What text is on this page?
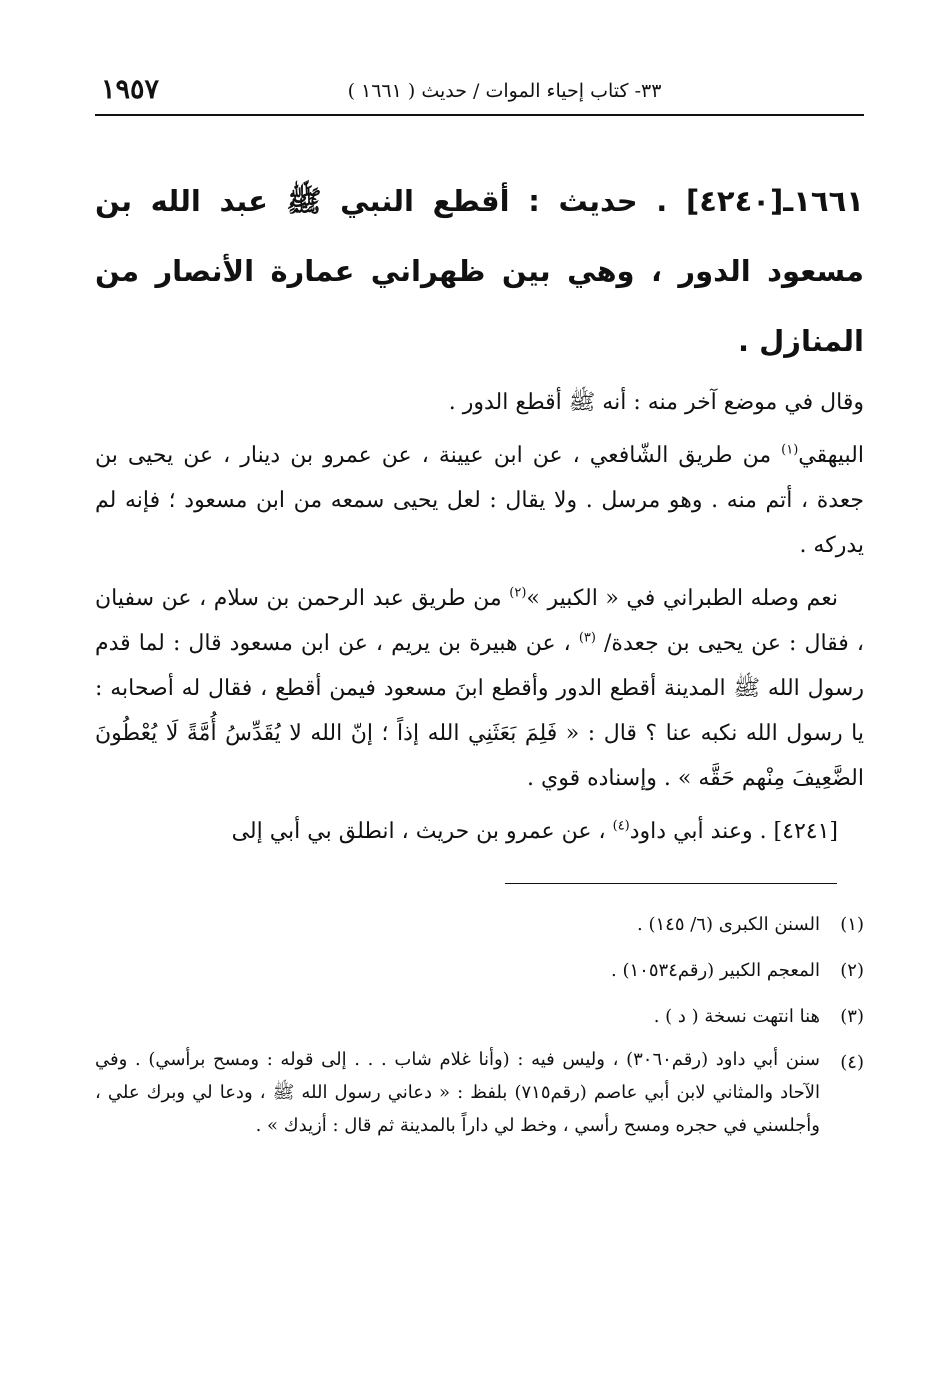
٣٣- كتاب إحياء الموات / حديث ( ١٦٦١ )
١٩٥٧

١٦٦١ـ[٤٢٤٠] . حديث : أقطع النبي ﷺ عبد الله بن مسعود الدور ، وهي بين ظهراني عمارة الأنصار من المنازل .

وقال في موضع آخر منه : أنه ﷺ أقطع الدور .

البيهقي$^{(١)}$ من طريق الشّافعي ، عن ابن عيينة ، عن عمرو بن دينار ، عن يحيى بن جعدة ، أتم منه . وهو مرسل . ولا يقال : لعل يحيى سمعه من ابن مسعود ؛ فإنه لم يدركه .

نعم وصله الطبراني في « الكبير »$^{(٢)}$ من طريق عبد الرحمن بن سلام ، عن سفيان ، فقال : عن يحيى بن جعدة/ $^{(٣)}$ ، عن هبيرة بن يريم ، عن ابن مسعود قال : لما قدم رسول الله ﷺ المدينة أقطع الدور وأقطع ابنَ مسعود فيمن أقطع ، فقال له أصحابه : يا رسول الله نكبه عنا ؟ قال : « فَلِمَ بَعَثَنِي الله إذاً ؛ إنّ الله لا يُقَدِّسُ أُمَّةً لَا يُعْطُونَ الضَّعِيفَ مِنْهم حَقَّه » . وإسناده قوي .

[٤٢٤١] . وعند أبي داود$^{(٤)}$ ، عن عمرو بن حريث ، انطلق بي أبي إلى

(١)
السنن الكبرى (٦/ ١٤٥) .
(٢)
المعجم الكبير (رقم١٠٥٣٤) .
(٣)
هنا انتهت نسخة ( د ) .
(٤)
سنن أبي داود (رقم٣٠٦٠) ، وليس فيه : (وأنا غلام شاب . . . إلى قوله : ومسح برأسي) . وفي الآحاد والمثاني لابن أبي عاصم (رقم٧١٥) بلفظ : « دعاني رسول الله ﷺ ، ودعا لي وبرك علي ، وأجلسني في حجره ومسح رأسي ، وخط لي داراً بالمدينة ثم قال : أزيدك » .
